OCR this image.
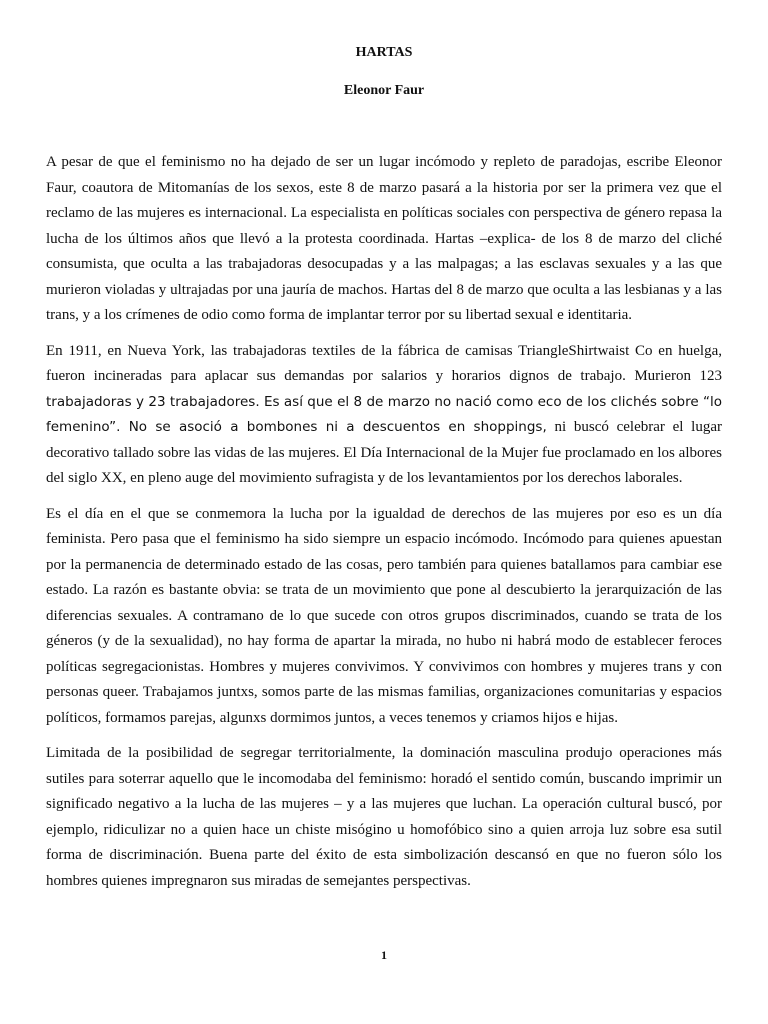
HARTAS
Eleonor Faur

A pesar de que el feminismo no ha dejado de ser un lugar incómodo y repleto de paradojas, escribe Eleonor Faur, coautora de Mitomanías de los sexos, este 8 de marzo pasará a la historia por ser la primera vez que el reclamo de las mujeres es internacional. La especialista en políticas sociales con perspectiva de género repasa la lucha de los últimos años que llevó a la protesta coordinada. Hartas –explica- de los 8 de marzo del cliché consumista, que oculta a las trabajadoras desocupadas y a las malpagas; a las esclavas sexuales y a las que murieron violadas y ultrajadas por una jauría de machos. Hartas del 8 de marzo que oculta a las lesbianas y a las trans, y a los crímenes de odio como forma de implantar terror por su libertad sexual e identitaria.

En 1911, en Nueva York, las trabajadoras textiles de la fábrica de camisas TriangleShirtwaist Co en huelga, fueron incineradas para aplacar sus demandas por salarios y horarios dignos de trabajo. Murieron 123 trabajadoras y 23 trabajadores. Es así que el 8 de marzo no nació como eco de los clichés sobre “lo femenino”. No se asoció a bombones ni a descuentos en shoppings, ni buscó celebrar el lugar decorativo tallado sobre las vidas de las mujeres. El Día Internacional de la Mujer fue proclamado en los albores del siglo XX, en pleno auge del movimiento sufragista y de los levantamientos por los derechos laborales.

Es el día en el que se conmemora la lucha por la igualdad de derechos de las mujeres por eso es un día feminista. Pero pasa que el feminismo ha sido siempre un espacio incómodo. Incómodo para quienes apuestan por la permanencia de determinado estado de las cosas, pero también para quienes batallamos para cambiar ese estado. La razón es bastante obvia: se trata de un movimiento que pone al descubierto la jerarquización de las diferencias sexuales. A contramano de lo que sucede con otros grupos discriminados, cuando se trata de los géneros (y de la sexualidad), no hay forma de apartar la mirada, no hubo ni habrá modo de establecer feroces políticas segregacionistas. Hombres y mujeres convivimos. Y convivimos con hombres y mujeres trans y con personas queer. Trabajamos juntxs, somos parte de las mismas familias, organizaciones comunitarias y espacios políticos, formamos parejas, algunxs dormimos juntos, a veces tenemos y criamos hijos e hijas.

Limitada de la posibilidad de segregar territorialmente, la dominación masculina produjo operaciones más sutiles para soterrar aquello que le incomodaba del feminismo: horadó el sentido común, buscando imprimir un significado negativo a la lucha de las mujeres – y a las mujeres que luchan. La operación cultural buscó, por ejemplo, ridiculizar no a quien hace un chiste misógino u homofóbico sino a quien arroja luz sobre esa sutil forma de discriminación. Buena parte del éxito de esta simbolización descansó en que no fueron sólo los hombres quienes impregnaron sus miradas de semejantes perspectivas.

1
